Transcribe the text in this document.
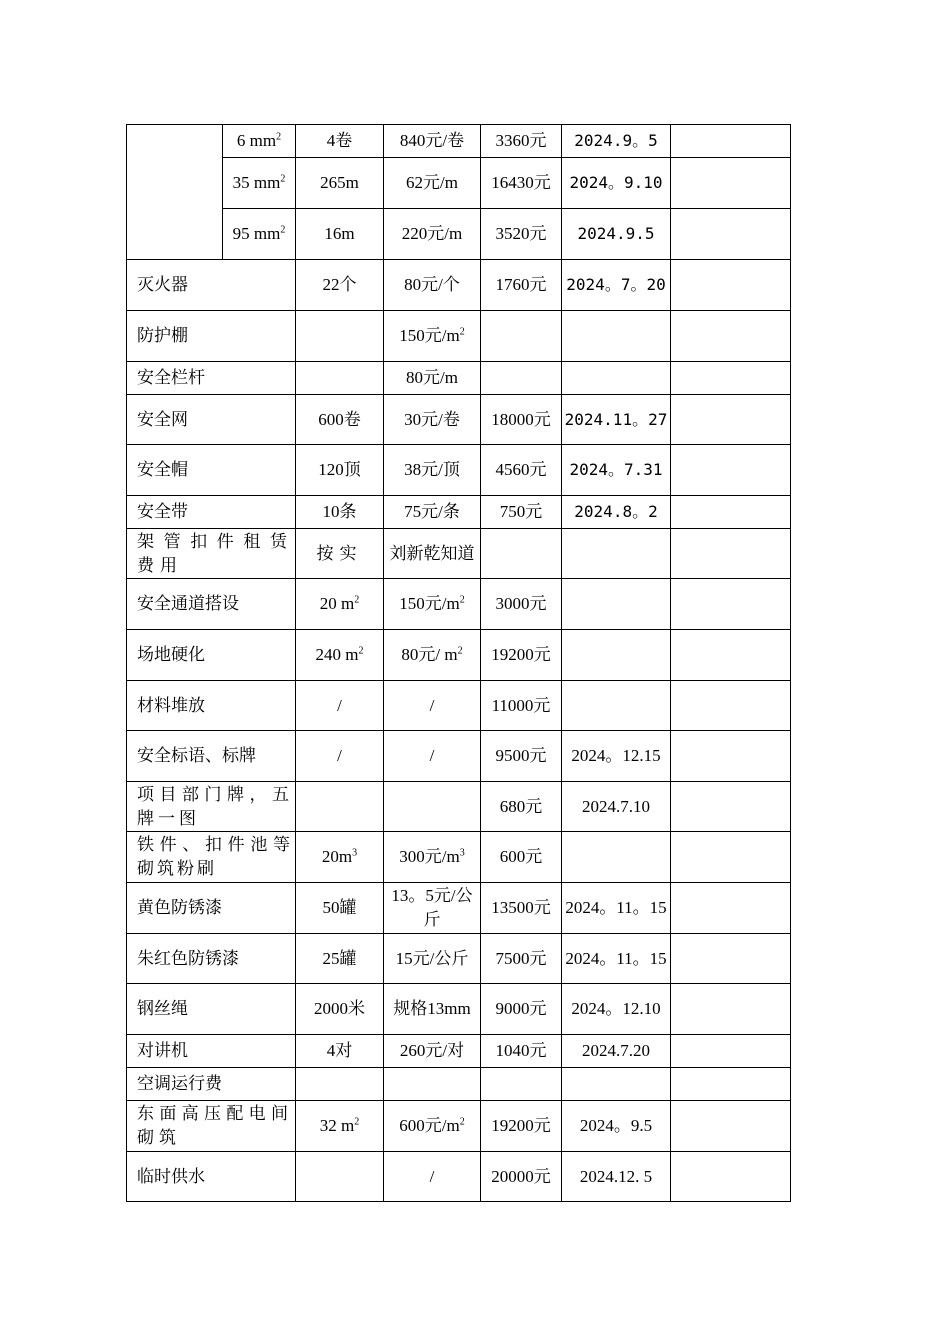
	6 $mm^2$	4卷	840元/卷	3360元	2024.9。5	
	35 $mm^2$	265m	62元/m	16430元	2024。9.10	
	95 $mm^2$	16m	220元/m	3520元	2024.9.5	
灭火器		22个	80元/个	1760元	2024。7。20	
防护棚			150元$/m^2$			
安全栏杆			80元/m			
安全网		600卷	30元/卷	18000元	2024.11。27	
安全帽		120顶	38元/顶	4560元	2024。7.31	
安全带		10条	75元/条	750元	2024.8。2	
架管扣件租赁费用		按实	刘新乾知道			
安全通道搭设		20 $m^2$	150元$/m^2$	3000元		
场地硬化		240 $m^2$	80元/ $m^2$	19200元		
材料堆放		/	/	11000元		
安全标语、标牌		/	/	9500元	2024。12.15	
项目部门牌，五牌一图				680元	2024.7.10	
铁件、扣件池等砌筑粉刷		$20m^3$	300元$/m^3$	600元		
黄色防锈漆		50罐	13。5元/公斤	13500元	2024。11。15	
朱红色防锈漆		25罐	15元/公斤	7500元	2024。11。15	
钢丝绳		2000米	规格13mm	9000元	2024。12.10	
对讲机		4对	260元/对	1040元	2024.7.20	
空调运行费						
东面高压配电间砌筑		32 $m^2$	600元$/m^2$	19200元	2024。9.5	
临时供水			/	20000元	2024.12. 5	
